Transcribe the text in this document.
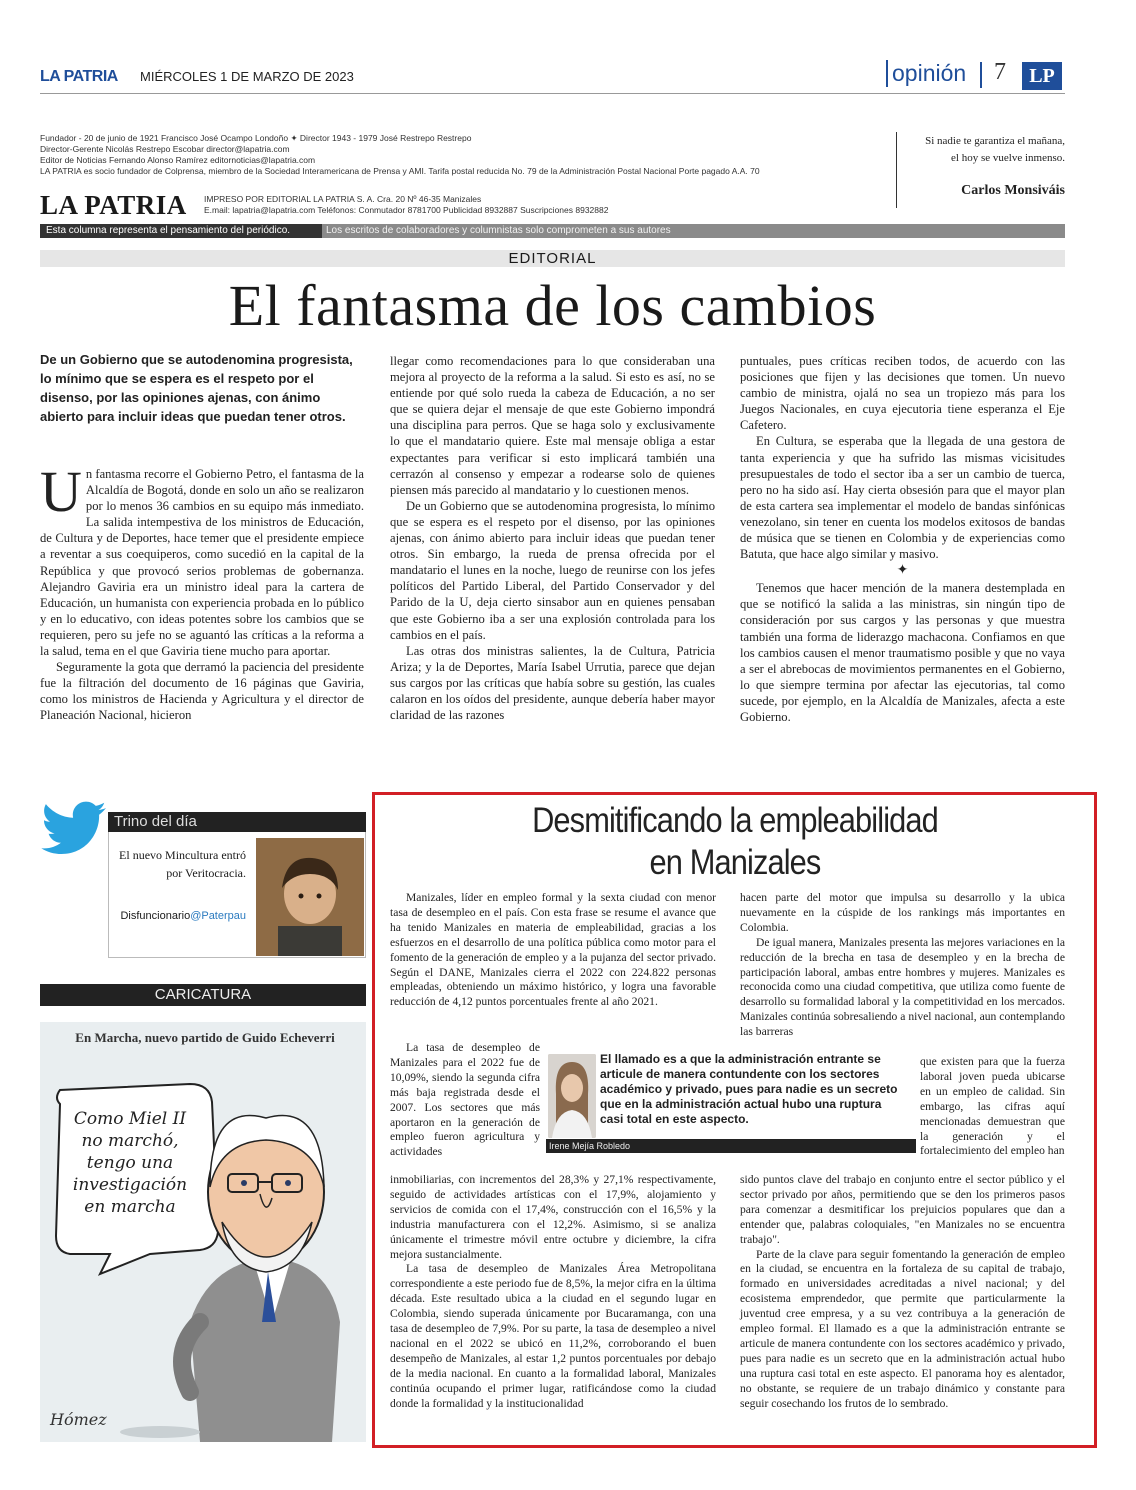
LA PATRIA MIÉRCOLES 1 DE MARZO DE 2023	opinión 7	LP
Fundador - 20 de junio de 1921 Francisco José Ocampo Londoño ✦ Director 1943 - 1979 José Restrepo Restrepo
Director-Gerente Nicolás Restrepo Escobar director@lapatria.com
Editor de Noticias Fernando Alonso Ramírez editornoticias@lapatria.com
LA PATRIA es socio fundador de Colprensa, miembro de la Sociedad Interamericana de Prensa y AMI. Tarifa postal reducida No. 79 de la Administración Postal Nacional Porte pagado A.A. 70
LA PATRIA IMPRESO POR EDITORIAL LA PATRIA S. A. Cra. 20 Nº 46-35 Manizales
E.mail: lapatria@lapatria.com Teléfonos: Conmutador 8781700 Publicidad 8932887 Suscripciones 8932882
Si nadie te garantiza el mañana,
el hoy se vuelve inmenso.
Carlos Monsiváis
Esta columna representa el pensamiento del periódico.	Los escritos de colaboradores y columnistas solo comprometen a sus autores
EDITORIAL
El fantasma de los cambios
De un Gobierno que se autodenomina progresista, lo mínimo que se espera es el respeto por el disenso, por las opiniones ajenas, con ánimo abierto para incluir ideas que puedan tener otros.

Un fantasma recorre el Gobierno Petro, el fantasma de la Alcaldía de Bogotá, donde en solo un año se realizaron por lo menos 36 cambios en su equipo más inmediato. La salida intempestiva de los ministros de Educación, de Cultura y de Deportes, hace temer que el presidente empiece a reventar a sus coequiperos, como sucedió en la capital de la República y que provocó serios problemas de gobernanza. Alejandro Gaviria era un ministro ideal para la cartera de Educación, un humanista con experiencia probada en lo público y en lo educativo, con ideas potentes sobre los cambios que se requieren, pero su jefe no se aguantó las críticas a la reforma a la salud, tema en el que Gaviria tiene mucho para aportar.

Seguramente la gota que derramó la paciencia del presidente fue la filtración del documento de 16 páginas que Gaviria, como los ministros de Hacienda y Agricultura y el director de Planeación Nacional, hicieron

llegar como recomendaciones para lo que consideraban una mejora al proyecto de la reforma a la salud. Si esto es así, no se entiende por qué solo rueda la cabeza de Educación, a no ser que se quiera dejar el mensaje de que este Gobierno impondrá una disciplina para perros. Que se haga solo y exclusivamente lo que el mandatario quiere. Este mal mensaje obliga a estar expectantes para verificar si esto implicará también una cerrazón al consenso y empezar a rodearse solo de quienes piensen más parecido al mandatario y lo cuestionen menos.

De un Gobierno que se autodenomina progresista, lo mínimo que se espera es el respeto por el disenso, por las opiniones ajenas, con ánimo abierto para incluir ideas que puedan tener otros. Sin embargo, la rueda de prensa ofrecida por el mandatario el lunes en la noche, luego de reunirse con los jefes políticos del Partido Liberal, del Partido Conservador y del Parido de la U, deja cierto sinsabor aun en quienes pensaban que este Gobierno iba a ser una explosión controlada para los cambios en el país.

Las otras dos ministras salientes, la de Cultura, Patricia Ariza; y la de Deportes, María Isabel Urrutia, parece que dejan sus cargos por las críticas que había sobre su gestión, las cuales calaron en los oídos del presidente, aunque debería haber mayor claridad de las razones

puntuales, pues críticas reciben todos, de acuerdo con las posiciones que fijen y las decisiones que tomen. Un nuevo cambio de ministra, ojalá no sea un tropiezo más para los Juegos Nacionales, en cuya ejecutoria tiene esperanza el Eje Cafetero.

En Cultura, se esperaba que la llegada de una gestora de tanta experiencia y que ha sufrido las mismas vicisitudes presupuestales de todo el sector iba a ser un cambio de tuerca, pero no ha sido así. Hay cierta obsesión para que el mayor plan de esta cartera sea implementar el modelo de bandas sinfónicas venezolano, sin tener en cuenta los modelos exitosos de bandas de música que se tienen en Colombia y de experiencias como Batuta, que hace algo similar y masivo.

✦

Tenemos que hacer mención de la manera destemplada en que se notificó la salida a las ministras, sin ningún tipo de consideración por sus cargos y las personas y que muestra también una forma de liderazgo machacona. Confiamos en que los cambios causen el menor traumatismo posible y que no vaya a ser el abrebocas de movimientos permanentes en el Gobierno, lo que siempre termina por afectar las ejecutorias, tal como sucede, por ejemplo, en la Alcaldía de Manizales, afecta a este Gobierno.

Trino del día
El nuevo Mincultura entró por Veritocracia.
Disfuncionario@Paterpau
CARICATURA
En Marcha, nuevo partido de Guido Echeverri
Como Miel II
no marchó,
tengo una
investigación
en marcha
Hómez
Desmitificando la empleabilidad
en Manizales

Manizales, líder en empleo formal y la sexta ciudad con menor tasa de desempleo en el país. Con esta frase se resume el avance que ha tenido Manizales en materia de empleabilidad, gracias a los esfuerzos en el desarrollo de una política pública como motor para el fomento de la generación de empleo y a la pujanza del sector privado. Según el DANE, Manizales cierra el 2022 con 224.822 personas empleadas, obteniendo un máximo histórico, y logra una favorable reducción de 4,12 puntos porcentuales frente al año 2021.

La tasa de desempleo de Manizales para el 2022 fue de 10,09%, siendo la segunda cifra más baja registrada desde el 2007. Los sectores que más aportaron en la generación de empleo fueron agricultura y actividades

inmobiliarias, con incrementos del 28,3% y 27,1% respectivamente, seguido de actividades artísticas con el 17,9%, alojamiento y servicios de comida con el 17,4%, construcción con el 16,5% y la industria manufacturera con el 12,2%. Asimismo, si se analiza únicamente el trimestre móvil entre octubre y diciembre, la cifra mejora sustancialmente.

La tasa de desempleo de Manizales Área Metropolitana correspondiente a este periodo fue de 8,5%, la mejor cifra en la última década. Este resultado ubica a la ciudad en el segundo lugar en Colombia, siendo superada únicamente por Bucaramanga, con una tasa de desempleo de 7,9%. Por su parte, la tasa de desempleo a nivel nacional en el 2022 se ubicó en 11,2%, corroborando el buen desempeño de Manizales, al estar 1,2 puntos porcentuales por debajo de la media nacional. En cuanto a la formalidad laboral, Manizales continúa ocupando el primer lugar, ratificándose como la ciudad donde la formalidad y la institucionalidad

hacen parte del motor que impulsa su desarrollo y la ubica nuevamente en la cúspide de los rankings más importantes en Colombia.

De igual manera, Manizales presenta las mejores variaciones en la reducción de la brecha en tasa de desempleo y en la brecha de participación laboral, ambas entre hombres y mujeres. Manizales es reconocida como una ciudad competitiva, que utiliza como fuente de desarrollo su formalidad laboral y la competitividad en los mercados. Manizales continúa sobresaliendo a nivel nacional, aun contemplando las barreras

que existen para que la fuerza laboral joven pueda ubicarse en un empleo de calidad. Sin embargo, las cifras aquí mencionadas demuestran que la generación y el fortalecimiento del empleo han

sido puntos clave del trabajo en conjunto entre el sector público y el sector privado por años, permitiendo que se den los primeros pasos para comenzar a desmitificar los prejuicios populares que dan a entender que, palabras coloquiales, "en Manizales no se encuentra trabajo".

Parte de la clave para seguir fomentando la generación de empleo en la ciudad, se encuentra en la fortaleza de su capital de trabajo, formado en universidades acreditadas a nivel nacional; y del ecosistema emprendedor, que permite que particularmente la juventud cree empresa, y a su vez contribuya a la generación de empleo formal. El llamado es a que la administración entrante se articule de manera contundente con los sectores académico y privado, pues para nadie es un secreto que en la administración actual hubo una ruptura casi total en este aspecto. El panorama hoy es alentador, no obstante, se requiere de un trabajo dinámico y constante para seguir cosechando los frutos de lo sembrado.

El llamado es a que la administración entrante se articule de manera contundente con los sectores académico y privado, pues para nadie es un secreto que en la administración actual hubo una ruptura casi total en este aspecto.
Irene Mejía Robledo
